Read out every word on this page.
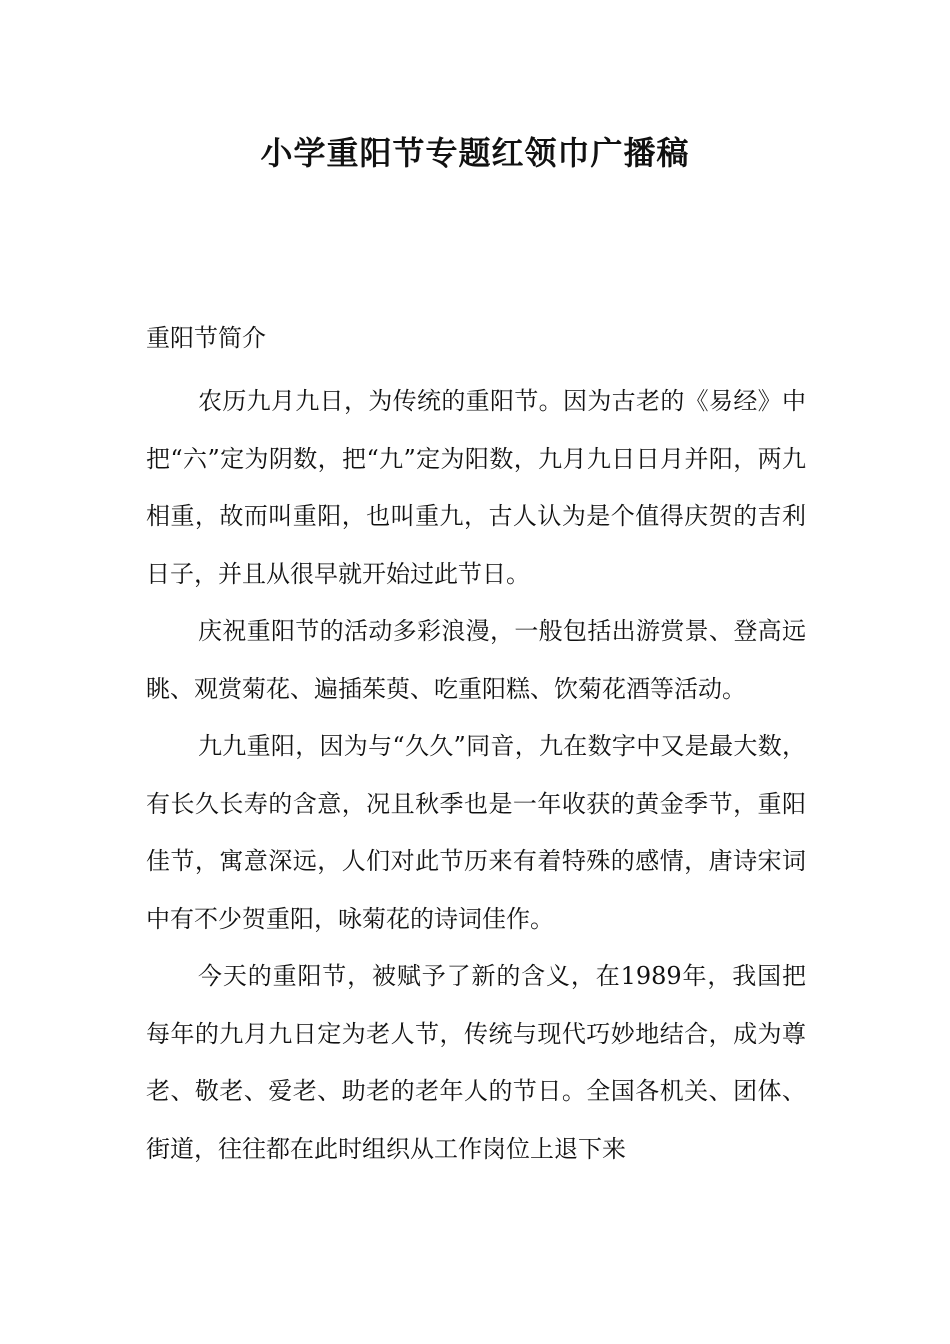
小学重阳节专题红领巾广播稿

重阳节简介

农历九月九日，为传统的重阳节。因为古老的《易经》中把“六”定为阴数，把“九”定为阳数，九月九日日月并阳，两九相重，故而叫重阳，也叫重九，古人认为是个值得庆贺的吉利日子，并且从很早就开始过此节日。

庆祝重阳节的活动多彩浪漫，一般包括出游赏景、登高远眺、观赏菊花、遍插茱萸、吃重阳糕、饮菊花酒等活动。

九九重阳，因为与“久久”同音，九在数字中又是最大数，有长久长寿的含意，况且秋季也是一年收获的黄金季节，重阳佳节，寓意深远，人们对此节历来有着特殊的感情，唐诗宋词中有不少贺重阳，咏菊花的诗词佳作。

今天的重阳节，被赋予了新的含义，在1989年，我国把每年的九月九日定为老人节，传统与现代巧妙地结合，成为尊老、敬老、爱老、助老的老年人的节日。全国各机关、团体、街道，往往都在此时组织从工作岗位上退下来
